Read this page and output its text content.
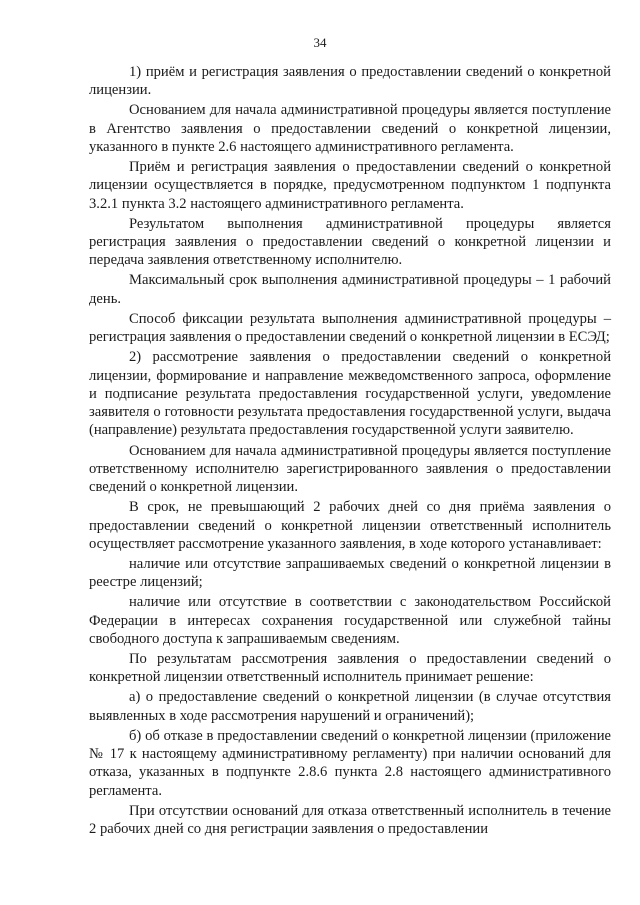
34

1) приём и регистрация заявления о предоставлении сведений о конкретной лицензии.

Основанием для начала административной процедуры является поступление в Агентство заявления о предоставлении сведений о конкретной лицензии, указанного в пункте 2.6 настоящего административного регламента.

Приём и регистрация заявления о предоставлении сведений о конкретной лицензии осуществляется в порядке, предусмотренном подпунктом 1 подпункта 3.2.1 пункта 3.2 настоящего административного регламента.

Результатом выполнения административной процедуры является регистрация заявления о предоставлении сведений о конкретной лицензии и передача заявления ответственному исполнителю.

Максимальный срок выполнения административной процедуры – 1 рабочий день.

Способ фиксации результата выполнения административной процедуры – регистрация заявления о предоставлении сведений о конкретной лицензии в ЕСЭД;

2) рассмотрение заявления о предоставлении сведений о конкретной лицензии, формирование и направление межведомственного запроса, оформление и подписание результата предоставления государственной услуги, уведомление заявителя о готовности результата предоставления государственной услуги, выдача (направление) результата предоставления государственной услуги заявителю.

Основанием для начала административной процедуры является поступление ответственному исполнителю зарегистрированного заявления о предоставлении сведений о конкретной лицензии.

В срок, не превышающий 2 рабочих дней со дня приёма заявления о предоставлении сведений о конкретной лицензии ответственный исполнитель осуществляет рассмотрение указанного заявления, в ходе которого устанавливает:

наличие или отсутствие запрашиваемых сведений о конкретной лицензии в реестре лицензий;

наличие или отсутствие в соответствии с законодательством Российской Федерации в интересах сохранения государственной или служебной тайны свободного доступа к запрашиваемым сведениям.

По результатам рассмотрения заявления о предоставлении сведений о конкретной лицензии ответственный исполнитель принимает решение:

а) о предоставление сведений о конкретной лицензии (в случае отсутствия выявленных в ходе рассмотрения нарушений и ограничений);

б) об отказе в предоставлении сведений о конкретной лицензии (приложение № 17 к настоящему административному регламенту) при наличии оснований для отказа, указанных в подпункте 2.8.6 пункта 2.8 настоящего административного регламента.

При отсутствии оснований для отказа ответственный исполнитель в течение 2 рабочих дней со дня регистрации заявления о предоставлении
